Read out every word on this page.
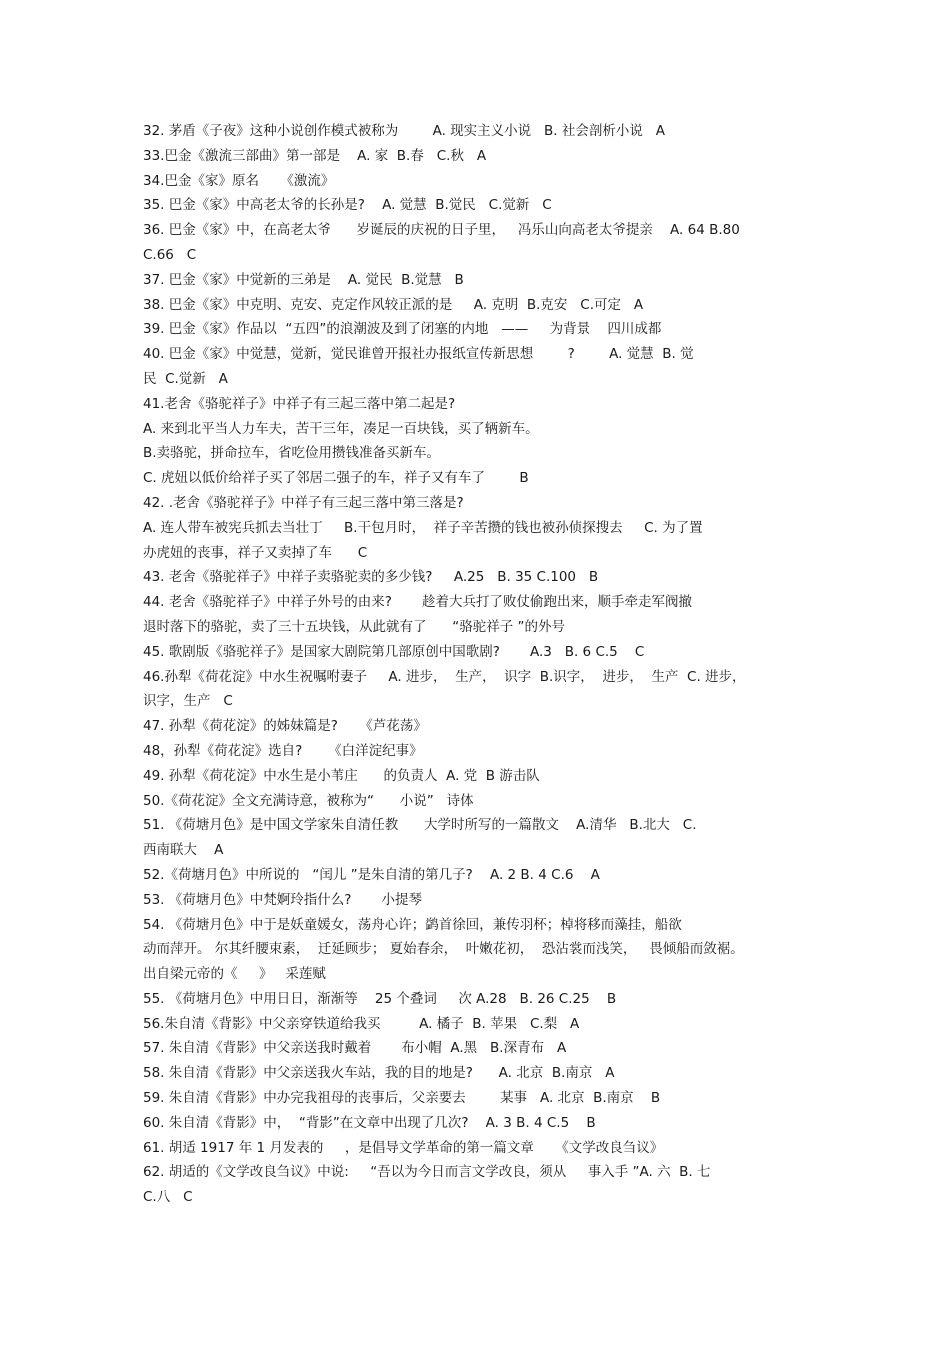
32. 茅盾《子夜》这种小说创作模式被称为        A. 现实主义小说   B. 社会剖析小说   A
33.巴金《激流三部曲》第一部是    A. 家  B.春   C.秋   A
34.巴金《家》原名     《激流》
35. 巴金《家》中高老太爷的长孙是?    A. 觉慧  B.觉民   C.觉新   C
36. 巴金《家》中，在高老太爷      岁诞辰的庆祝的日子里，   冯乐山向高老太爷提亲    A. 64 B.80
C.66   C
37. 巴金《家》中觉新的三弟是    A. 觉民  B.觉慧   B
38. 巴金《家》中克明、克安、克定作风较正派的是     A. 克明  B.克安   C.可定   A
39. 巴金《家》作品以  “五四”的浪潮波及到了闭塞的内地   ——     为背景    四川成都
40. 巴金《家》中觉慧，觉新，觉民谁曾开报社办报纸宣传新思想        ?        A. 觉慧  B. 觉
民  C.觉新   A
41.老舍《骆驼祥子》中祥子有三起三落中第二起是?
A. 来到北平当人力车夫，苦干三年，凑足一百块钱，买了辆新车。
B.卖骆驼，拼命拉车，省吃俭用攒钱准备买新车。
C. 虎妞以低价给祥子买了邻居二强子的车，祥子又有车了        B
42. .老舍《骆驼祥子》中祥子有三起三落中第三落是?
A. 连人带车被宪兵抓去当壮丁     B.干包月时，  祥子辛苦攒的钱也被孙侦探搜去     C. 为了置
办虎妞的丧事，祥子又卖掉了车      C
43. 老舍《骆驼祥子》中祥子卖骆驼卖的多少钱?     A.25   B. 35 C.100   B
44. 老舍《骆驼祥子》中祥子外号的由来?       趁着大兵打了败仗偷跑出来，顺手牵走军阀撤
退时落下的骆驼，卖了三十五块钱，从此就有了      “骆驼祥子 ”的外号
45. 歌剧版《骆驼祥子》是国家大剧院第几部原创中国歌剧?       A.3   B. 6 C.5    C
46.孙犁《荷花淀》中水生祝嘱咐妻子     A. 进步，  生产，  识字  B.识字，  进步，  生产  C. 进步，
识字，生产   C
47. 孙犁《荷花淀》的姊妹篇是?     《芦花荡》
48，孙犁《荷花淀》选自?      《白洋淀纪事》
49. 孙犁《荷花淀》中水生是小苇庄      的负责人  A. 党  B 游击队
50.《荷花淀》全文充满诗意，被称为“      小说”   诗体
51. 《荷塘月色》是中国文学家朱自清任教      大学时所写的一篇散文    A.清华   B.北大   C.
西南联大    A
52.《荷塘月色》中所说的   “闰儿 ”是朱自清的第几子?    A. 2 B. 4 C.6    A
53. 《荷塘月色》中梵婀玲指什么?       小提琴
54. 《荷塘月色》中于是妖童媛女，荡舟心许；鹢首徐回，兼传羽杯；棹将移而藻挂，船欲
动而萍开。 尔其纤腰束素，  迁延顾步； 夏始春余，  叶嫩花初，  恐沾裳而浅笑，   畏倾船而敛裾。
出自梁元帝的《     》   采莲赋
55. 《荷塘月色》中用日日，渐渐等    25 个叠词     次 A.28   B. 26 C.25    B
56.朱自清《背影》中父亲穿铁道给我买         A. 橘子  B. 苹果   C.梨   A
57. 朱自清《背影》中父亲送我时戴着       布小帽  A.黑   B.深青布   A
58. 朱自清《背影》中父亲送我火车站，我的目的地是?      A. 北京  B.南京   A
59. 朱自清《背影》中办完我祖母的丧事后，父亲要去        某事   A. 北京  B.南京    B
60. 朱自清《背影》中，  “背影”在文章中出现了几次?    A. 3 B. 4 C.5    B
61. 胡适 1917 年 1 月发表的     ，是倡导文学革命的第一篇文章     《文学改良刍议》
62. 胡适的《文学改良刍议》中说:     “吾以为今日而言文学改良，须从     事入手 ”A. 六  B. 七
C.八   C
